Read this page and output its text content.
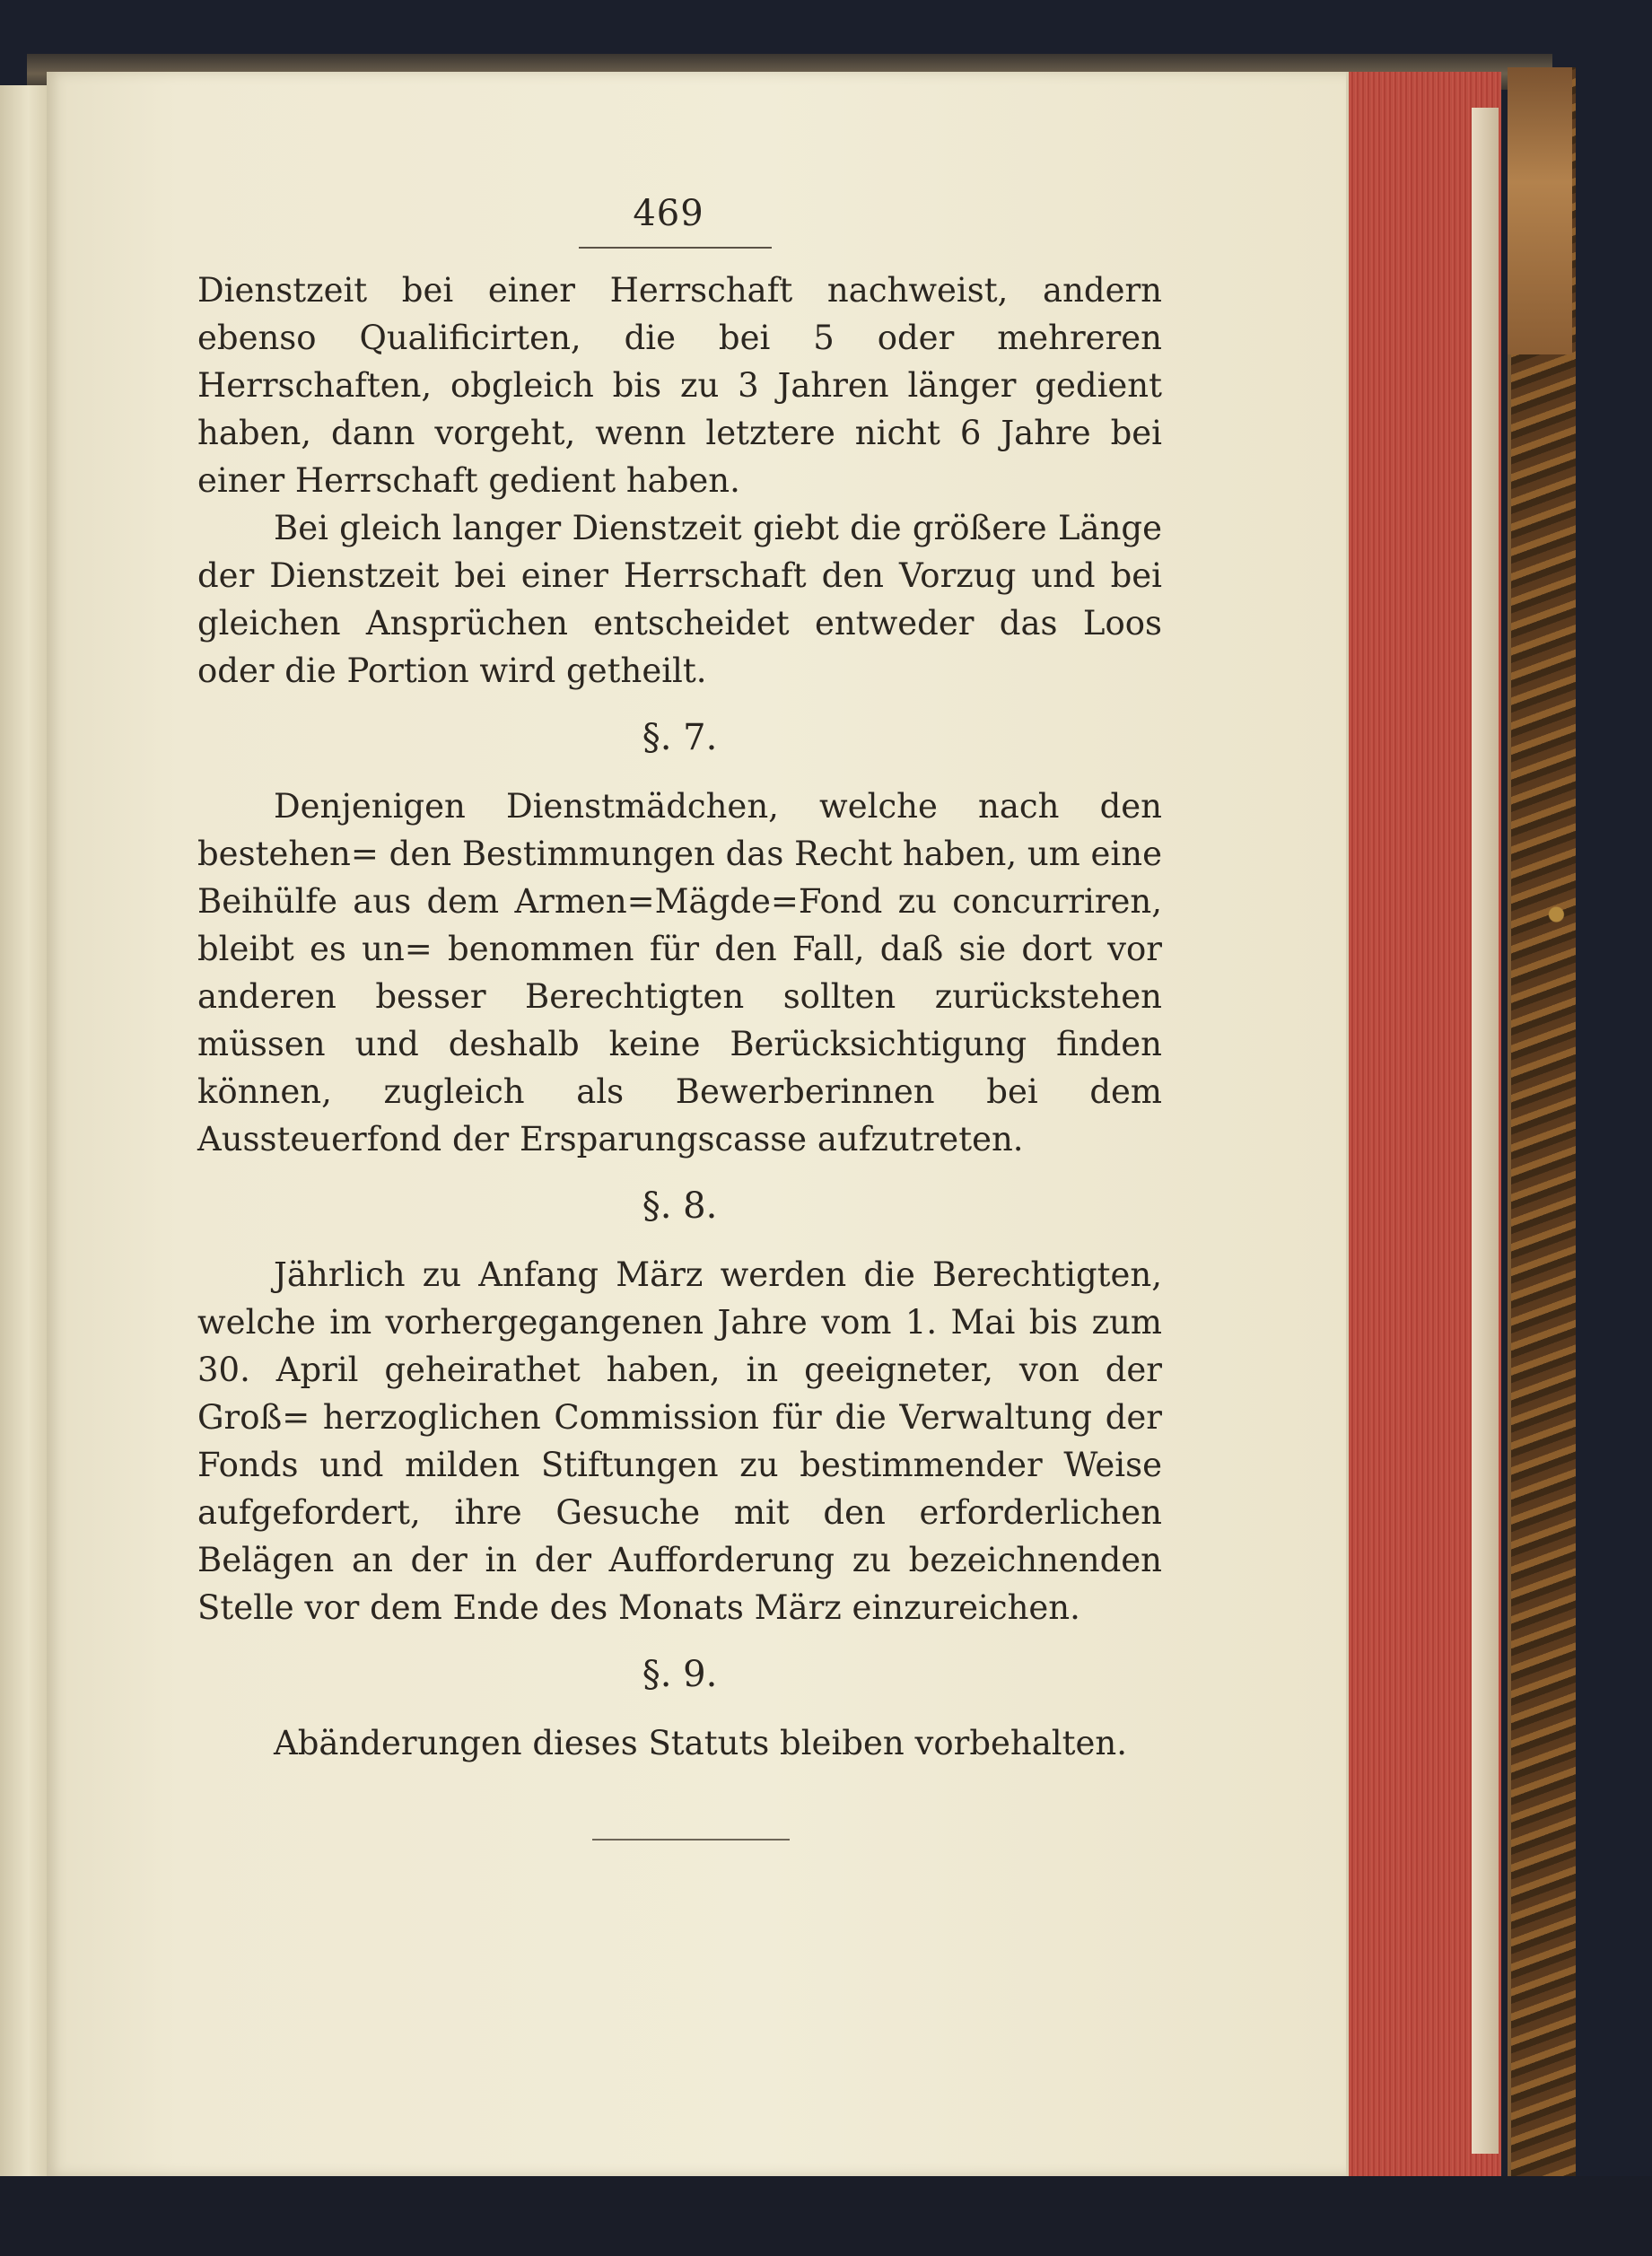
469

Dienstzeit bei einer Herrschaft nachweist, andern ebenso Qualificirten, die bei 5 oder mehreren Herrschaften, obgleich bis zu 3 Jahren länger gedient haben, dann vorgeht, wenn letztere nicht 6 Jahre bei einer Herrschaft gedient haben.

Bei gleich langer Dienstzeit giebt die größere Länge der Dienstzeit bei einer Herrschaft den Vorzug und bei gleichen Ansprüchen entscheidet entweder das Loos oder die Portion wird getheilt.

§. 7.

Denjenigen Dienstmädchen, welche nach den bestehen= den Bestimmungen das Recht haben, um eine Beihülfe aus dem Armen=Mägde=Fond zu concurriren, bleibt es un= benommen für den Fall, daß sie dort vor anderen besser Berechtigten sollten zurückstehen müssen und deshalb keine Berücksichtigung finden können, zugleich als Bewerberinnen bei dem Aussteuerfond der Ersparungscasse aufzutreten.

§. 8.

Jährlich zu Anfang März werden die Berechtigten, welche im vorhergegangenen Jahre vom 1. Mai bis zum 30. April geheirathet haben, in geeigneter, von der Groß= herzoglichen Commission für die Verwaltung der Fonds und milden Stiftungen zu bestimmender Weise aufgefordert, ihre Gesuche mit den erforderlichen Belägen an der in der Aufforderung zu bezeichnenden Stelle vor dem Ende des Monats März einzureichen.

§. 9.

Abänderungen dieses Statuts bleiben vorbehalten.
